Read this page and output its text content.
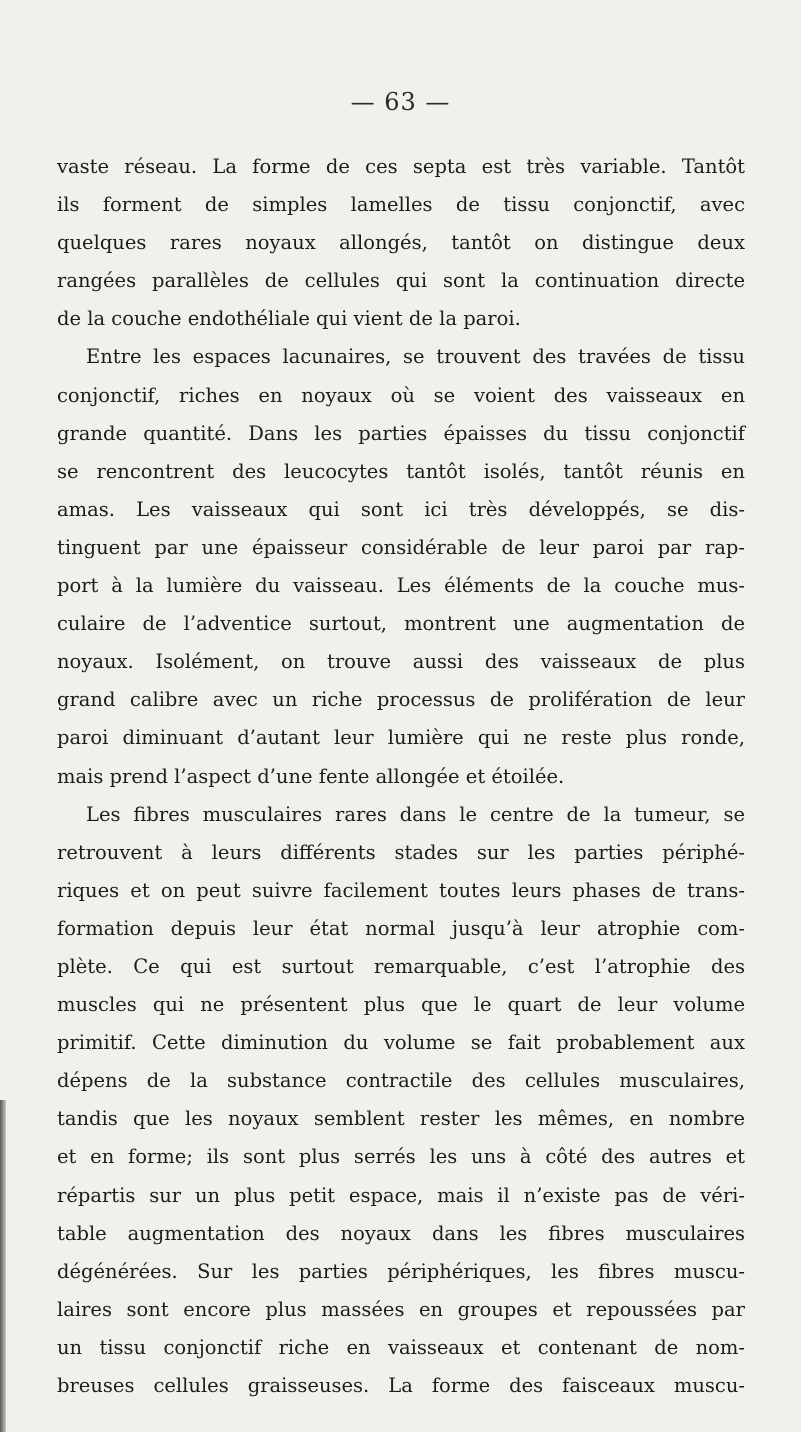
— 63 —
vaste réseau. La forme de ces septa est très variable. Tantôt
ils forment de simples lamelles de tissu conjonctif, avec
quelques rares noyaux allongés, tantôt on distingue deux
rangées parallèles de cellules qui sont la continuation directe
de la couche endothéliale qui vient de la paroi.
Entre les espaces lacunaires, se trouvent des travées de tissu
conjonctif, riches en noyaux où se voient des vaisseaux en
grande quantité. Dans les parties épaisses du tissu conjonctif
se rencontrent des leucocytes tantôt isolés, tantôt réunis en
amas. Les vaisseaux qui sont ici très développés, se dis-
tinguent par une épaisseur considérable de leur paroi par rap-
port à la lumière du vaisseau. Les éléments de la couche mus-
culaire de l’adventice surtout, montrent une augmentation de
noyaux. Isolément, on trouve aussi des vaisseaux de plus
grand calibre avec un riche processus de prolifération de leur
paroi diminuant d’autant leur lumière qui ne reste plus ronde,
mais prend l’aspect d’une fente allongée et étoilée.
Les fibres musculaires rares dans le centre de la tumeur, se
retrouvent à leurs différents stades sur les parties périphé-
riques et on peut suivre facilement toutes leurs phases de trans-
formation depuis leur état normal jusqu’à leur atrophie com-
plète. Ce qui est surtout remarquable, c’est l’atrophie des
muscles qui ne présentent plus que le quart de leur volume
primitif. Cette diminution du volume se fait probablement aux
dépens de la substance contractile des cellules musculaires,
tandis que les noyaux semblent rester les mêmes, en nombre
et en forme; ils sont plus serrés les uns à côté des autres et
répartis sur un plus petit espace, mais il n’existe pas de véri-
table augmentation des noyaux dans les fibres musculaires
dégénérées. Sur les parties périphériques, les fibres muscu-
laires sont encore plus massées en groupes et repoussées par
un tissu conjonctif riche en vaisseaux et contenant de nom-
breuses cellules graisseuses. La forme des faisceaux muscu-
